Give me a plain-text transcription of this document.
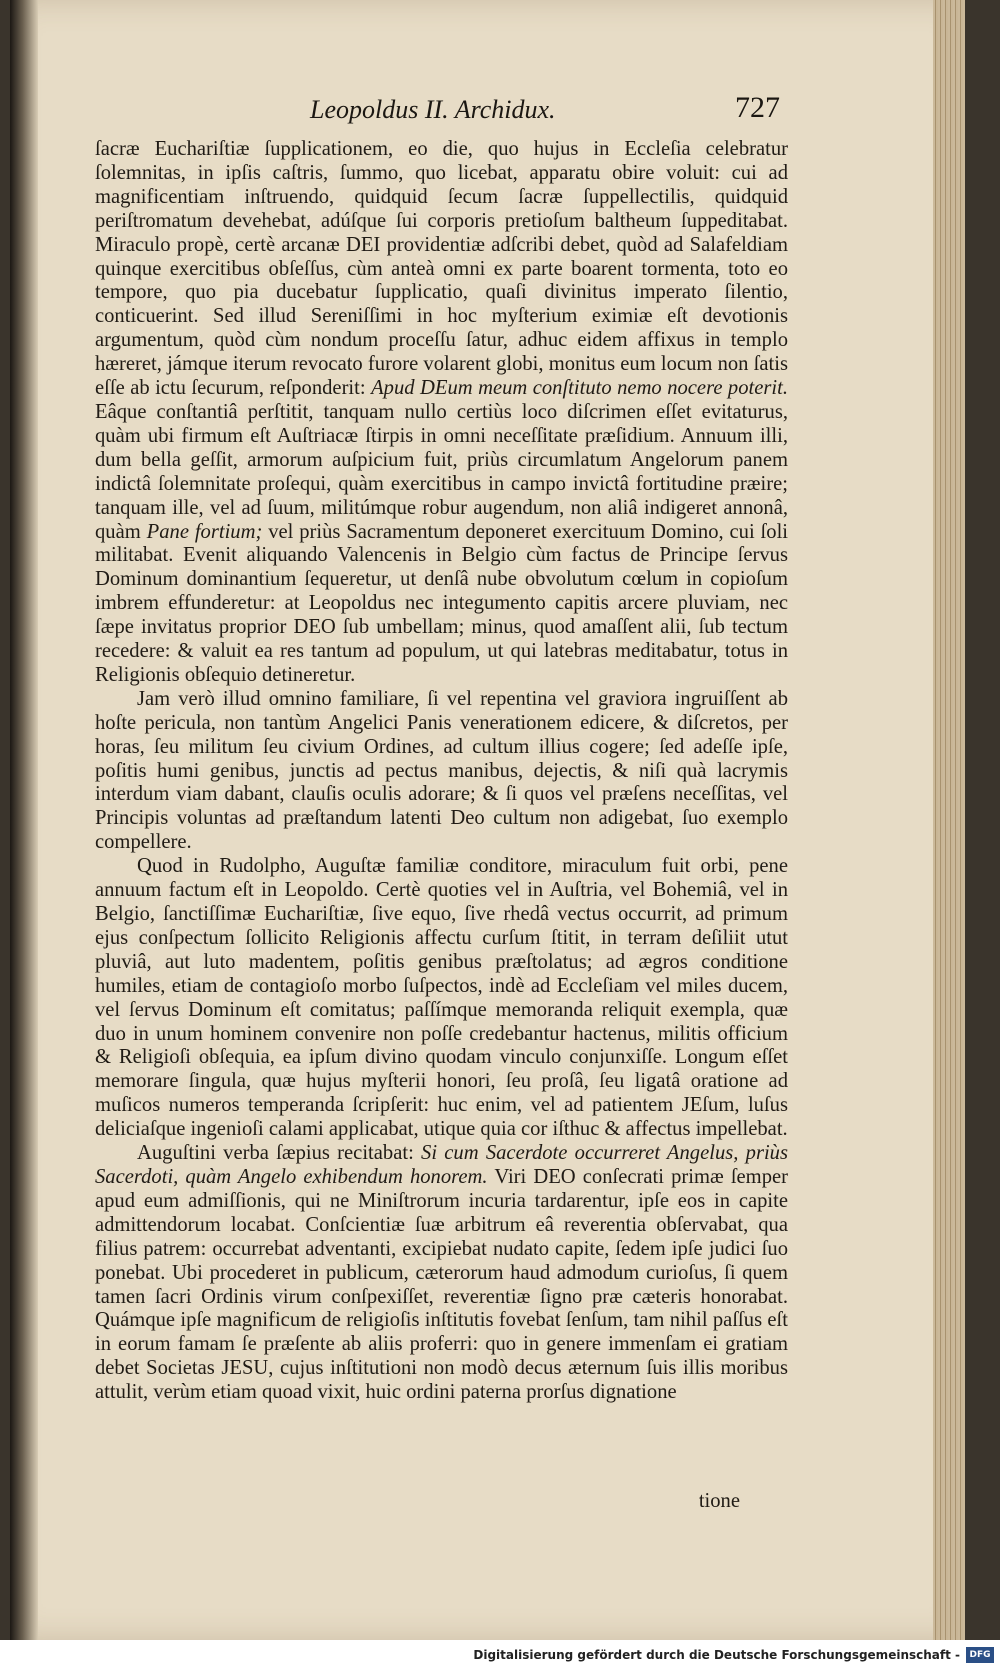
Leopoldus II. Archidux.	727

ſacræ Euchariſtiæ ſupplicationem, eo die, quo hujus in Eccleſia celebratur ſolemnitas, in ipſis caſtris, ſummo, quo licebat, apparatu obire voluit: cui ad magnificentiam inſtruendo, quidquid ſecum ſacræ ſuppellectilis, quidquid periſtromatum devehebat, adúſque ſui corporis pretioſum baltheum ſuppeditabat. Miraculo propè, certè arcanæ DEI providentiæ adſcribi debet, quòd ad Salafeldiam quinque exercitibus obſeſſus, cùm anteà omni ex parte boarent tormenta, toto eo tempore, quo pia ducebatur ſupplicatio, quaſi divinitus imperato ſilentio, conticuerint. Sed illud Sereniſſimi in hoc myſterium eximiæ eſt devotionis argumentum, quòd cùm nondum proceſſu ſatur, adhuc eidem affixus in templo hæreret, jámque iterum revocato furore volarent globi, monitus eum locum non ſatis eſſe ab ictu ſecurum, reſponderit: Apud DEum meum conſtituto nemo nocere poterit. Eâque conſtantiâ perſtitit, tanquam nullo certiùs loco diſcrimen eſſet evitaturus, quàm ubi firmum eſt Auſtriacæ ſtirpis in omni neceſſitate præſidium. Annuum illi, dum bella geſſit, armorum auſpicium fuit, priùs circumlatum Angelorum panem indictâ ſolemnitate proſequi, quàm exercitibus in campo invictâ fortitudine præire; tanquam ille, vel ad ſuum, militúmque robur augendum, non aliâ indigeret annonâ, quàm Pane fortium; vel priùs Sacramentum deponeret exercituum Domino, cui ſoli militabat. Evenit aliquando Valencenis in Belgio cùm factus de Principe ſervus Dominum dominantium ſequeretur, ut denſâ nube obvolutum cœlum in copioſum imbrem effunderetur: at Leopoldus nec integumento capitis arcere pluviam, nec ſæpe invitatus proprior DEO ſub umbellam; minus, quod amaſſent alii, ſub tectum recedere: & valuit ea res tantum ad populum, ut qui latebras meditabatur, totus in Religionis obſequio detineretur.

Jam verò illud omnino familiare, ſi vel repentina vel graviora ingruiſſent ab hoſte pericula, non tantùm Angelici Panis venerationem edicere, & diſcretos, per horas, ſeu militum ſeu civium Ordines, ad cultum illius cogere; ſed adeſſe ipſe, poſitis humi genibus, junctis ad pectus manibus, dejectis, & niſi quà lacrymis interdum viam dabant, clauſis oculis adorare; & ſi quos vel præſens neceſſitas, vel Principis voluntas ad præſtandum latenti Deo cultum non adigebat, ſuo exemplo compellere.

Quod in Rudolpho, Auguſtæ familiæ conditore, miraculum fuit orbi, pene annuum factum eſt in Leopoldo. Certè quoties vel in Auſtria, vel Bohemiâ, vel in Belgio, ſanctiſſimæ Euchariſtiæ, ſive equo, ſive rhedâ vectus occurrit, ad primum ejus conſpectum ſollicito Religionis affectu curſum ſtitit, in terram deſiliit utut pluviâ, aut luto madentem, poſitis genibus præſtolatus; ad ægros conditione humiles, etiam de contagioſo morbo ſuſpectos, indè ad Eccleſiam vel miles ducem, vel ſervus Dominum eſt comitatus; paſſímque memoranda reliquit exempla, quæ duo in unum hominem convenire non poſſe credebantur hactenus, militis officium & Religioſi obſequia, ea ipſum divino quodam vinculo conjunxiſſe. Longum eſſet memorare ſingula, quæ hujus myſterii honori, ſeu proſâ, ſeu ligatâ oratione ad muſicos numeros temperanda ſcripſerit: huc enim, vel ad patientem JEſum, luſus deliciaſque ingenioſi calami applicabat, utique quia cor iſthuc & affectus impellebat.

Auguſtini verba ſæpius recitabat: Si cum Sacerdote occurreret Angelus, priùs Sacerdoti, quàm Angelo exhibendum honorem. Viri DEO conſecrati primæ ſemper apud eum admiſſionis, qui ne Miniſtrorum incuria tardarentur, ipſe eos in capite admittendorum locabat. Conſcientiæ ſuæ arbitrum eâ reverentia obſervabat, qua filius patrem: occurrebat adventanti, excipiebat nudato capite, ſedem ipſe judici ſuo ponebat. Ubi procederet in publicum, cæterorum haud admodum curioſus, ſi quem tamen ſacri Ordinis virum conſpexiſſet, reverentiæ ſigno præ cæteris honorabat. Quámque ipſe magnificum de religioſis inſtitutis fovebat ſenſum, tam nihil paſſus eſt in eorum famam ſe præſente ab aliis proferri: quo in genere immenſam ei gratiam debet Societas JESU, cujus inſtitutioni non modò decus æternum ſuis illis moribus attulit, verùm etiam quoad vixit, huic ordini paterna prorſus dignatione

tione
Digitalisierung gefördert durch die Deutsche Forschungsgemeinschaft -	DFG
